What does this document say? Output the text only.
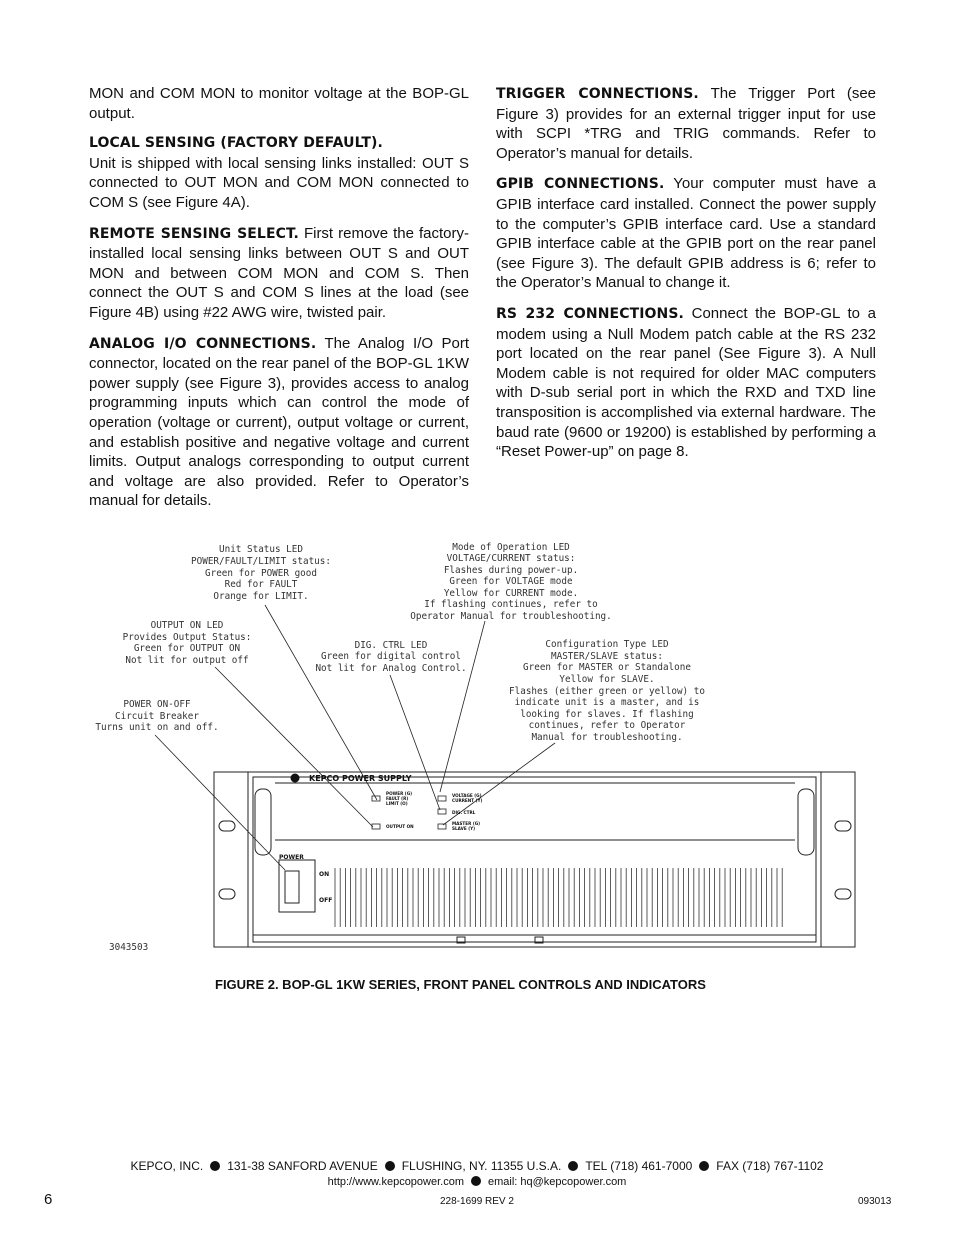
MON and COM MON to monitor voltage at the BOP-GL output.

LOCAL SENSING (FACTORY DEFAULT).
Unit is shipped with local sensing links installed: OUT S connected to OUT MON and COM MON connected to COM S (see Figure 4A).

REMOTE SENSING SELECT. First remove the factory-installed local sensing links between OUT S and OUT MON and between COM MON and COM S. Then connect the OUT S and COM S lines at the load (see Figure 4B) using #22 AWG wire, twisted pair.

ANALOG I/O CONNECTIONS. The Analog I/O Port connector, located on the rear panel of the BOP-GL 1KW power supply (see Figure 3), provides access to analog programming inputs which can control the mode of operation (voltage or current), output voltage or current, and establish positive and negative voltage and current limits. Output analogs corresponding to output current and voltage are also provided. Refer to Operator’s manual for details.

TRIGGER CONNECTIONS. The Trigger Port (see Figure 3) provides for an external trigger input for use with SCPI *TRG and TRIG commands. Refer to Operator’s manual for details.

GPIB CONNECTIONS. Your computer must have a GPIB interface card installed. Connect the power supply to the computer’s GPIB interface card. Use a standard GPIB interface cable at the GPIB port on the rear panel (see Figure 3). The default GPIB address is 6; refer to the Operator’s Manual to change it.

RS 232 CONNECTIONS. Connect the BOP-GL to a modem using a Null Modem patch cable at the RS 232 port located on the rear panel (See Figure 3). A Null Modem cable is not required for older MAC computers with D-sub serial port in which the RXD and TXD line transposition is accomplished via external hardware. The baud rate (9600 or 19200) is established by performing a “Reset Power-up” on page 8.

Unit Status LED
POWER/FAULT/LIMIT status:
Green for POWER good
Red for FAULT
Orange for LIMIT.
Mode of Operation LED
VOLTAGE/CURRENT status:
Flashes during power-up.
Green for VOLTAGE mode
Yellow for CURRENT mode.
If flashing continues, refer to
Operator Manual for troubleshooting.
OUTPUT ON LED
Provides Output Status:
Green for OUTPUT ON
Not lit for output off
DIG. CTRL LED
Green for digital control
Not lit for Analog Control.
Configuration Type LED
MASTER/SLAVE status:
Green for MASTER or Standalone
Yellow for SLAVE.
Flashes (either green or yellow) to
indicate unit is a master, and is
looking for slaves. If flashing
continues, refer to Operator
Manual for troubleshooting.
POWER ON-OFF
Circuit Breaker
Turns unit on and off.
KEPCO POWER SUPPLY
POWER (G)
FAULT (R)
LIMIT (O)
OUTPUT ON
VOLTAGE (G)
CURRENT (Y)
DIG. CTRL
MASTER (G)
SLAVE (Y)
POWER
ON
OFF
3043503
FIGURE 2. BOP-GL 1KW SERIES, FRONT PANEL CONTROLS AND INDICATORS
KEPCO, INC. 131-38 SANFORD AVENUE FLUSHING, NY. 11355 U.S.A. TEL (718) 461-7000 FAX (718) 767-1102
http://www.kepcopower.com email: hq@kepcopower.com
6	228-1699 REV 2	093013
